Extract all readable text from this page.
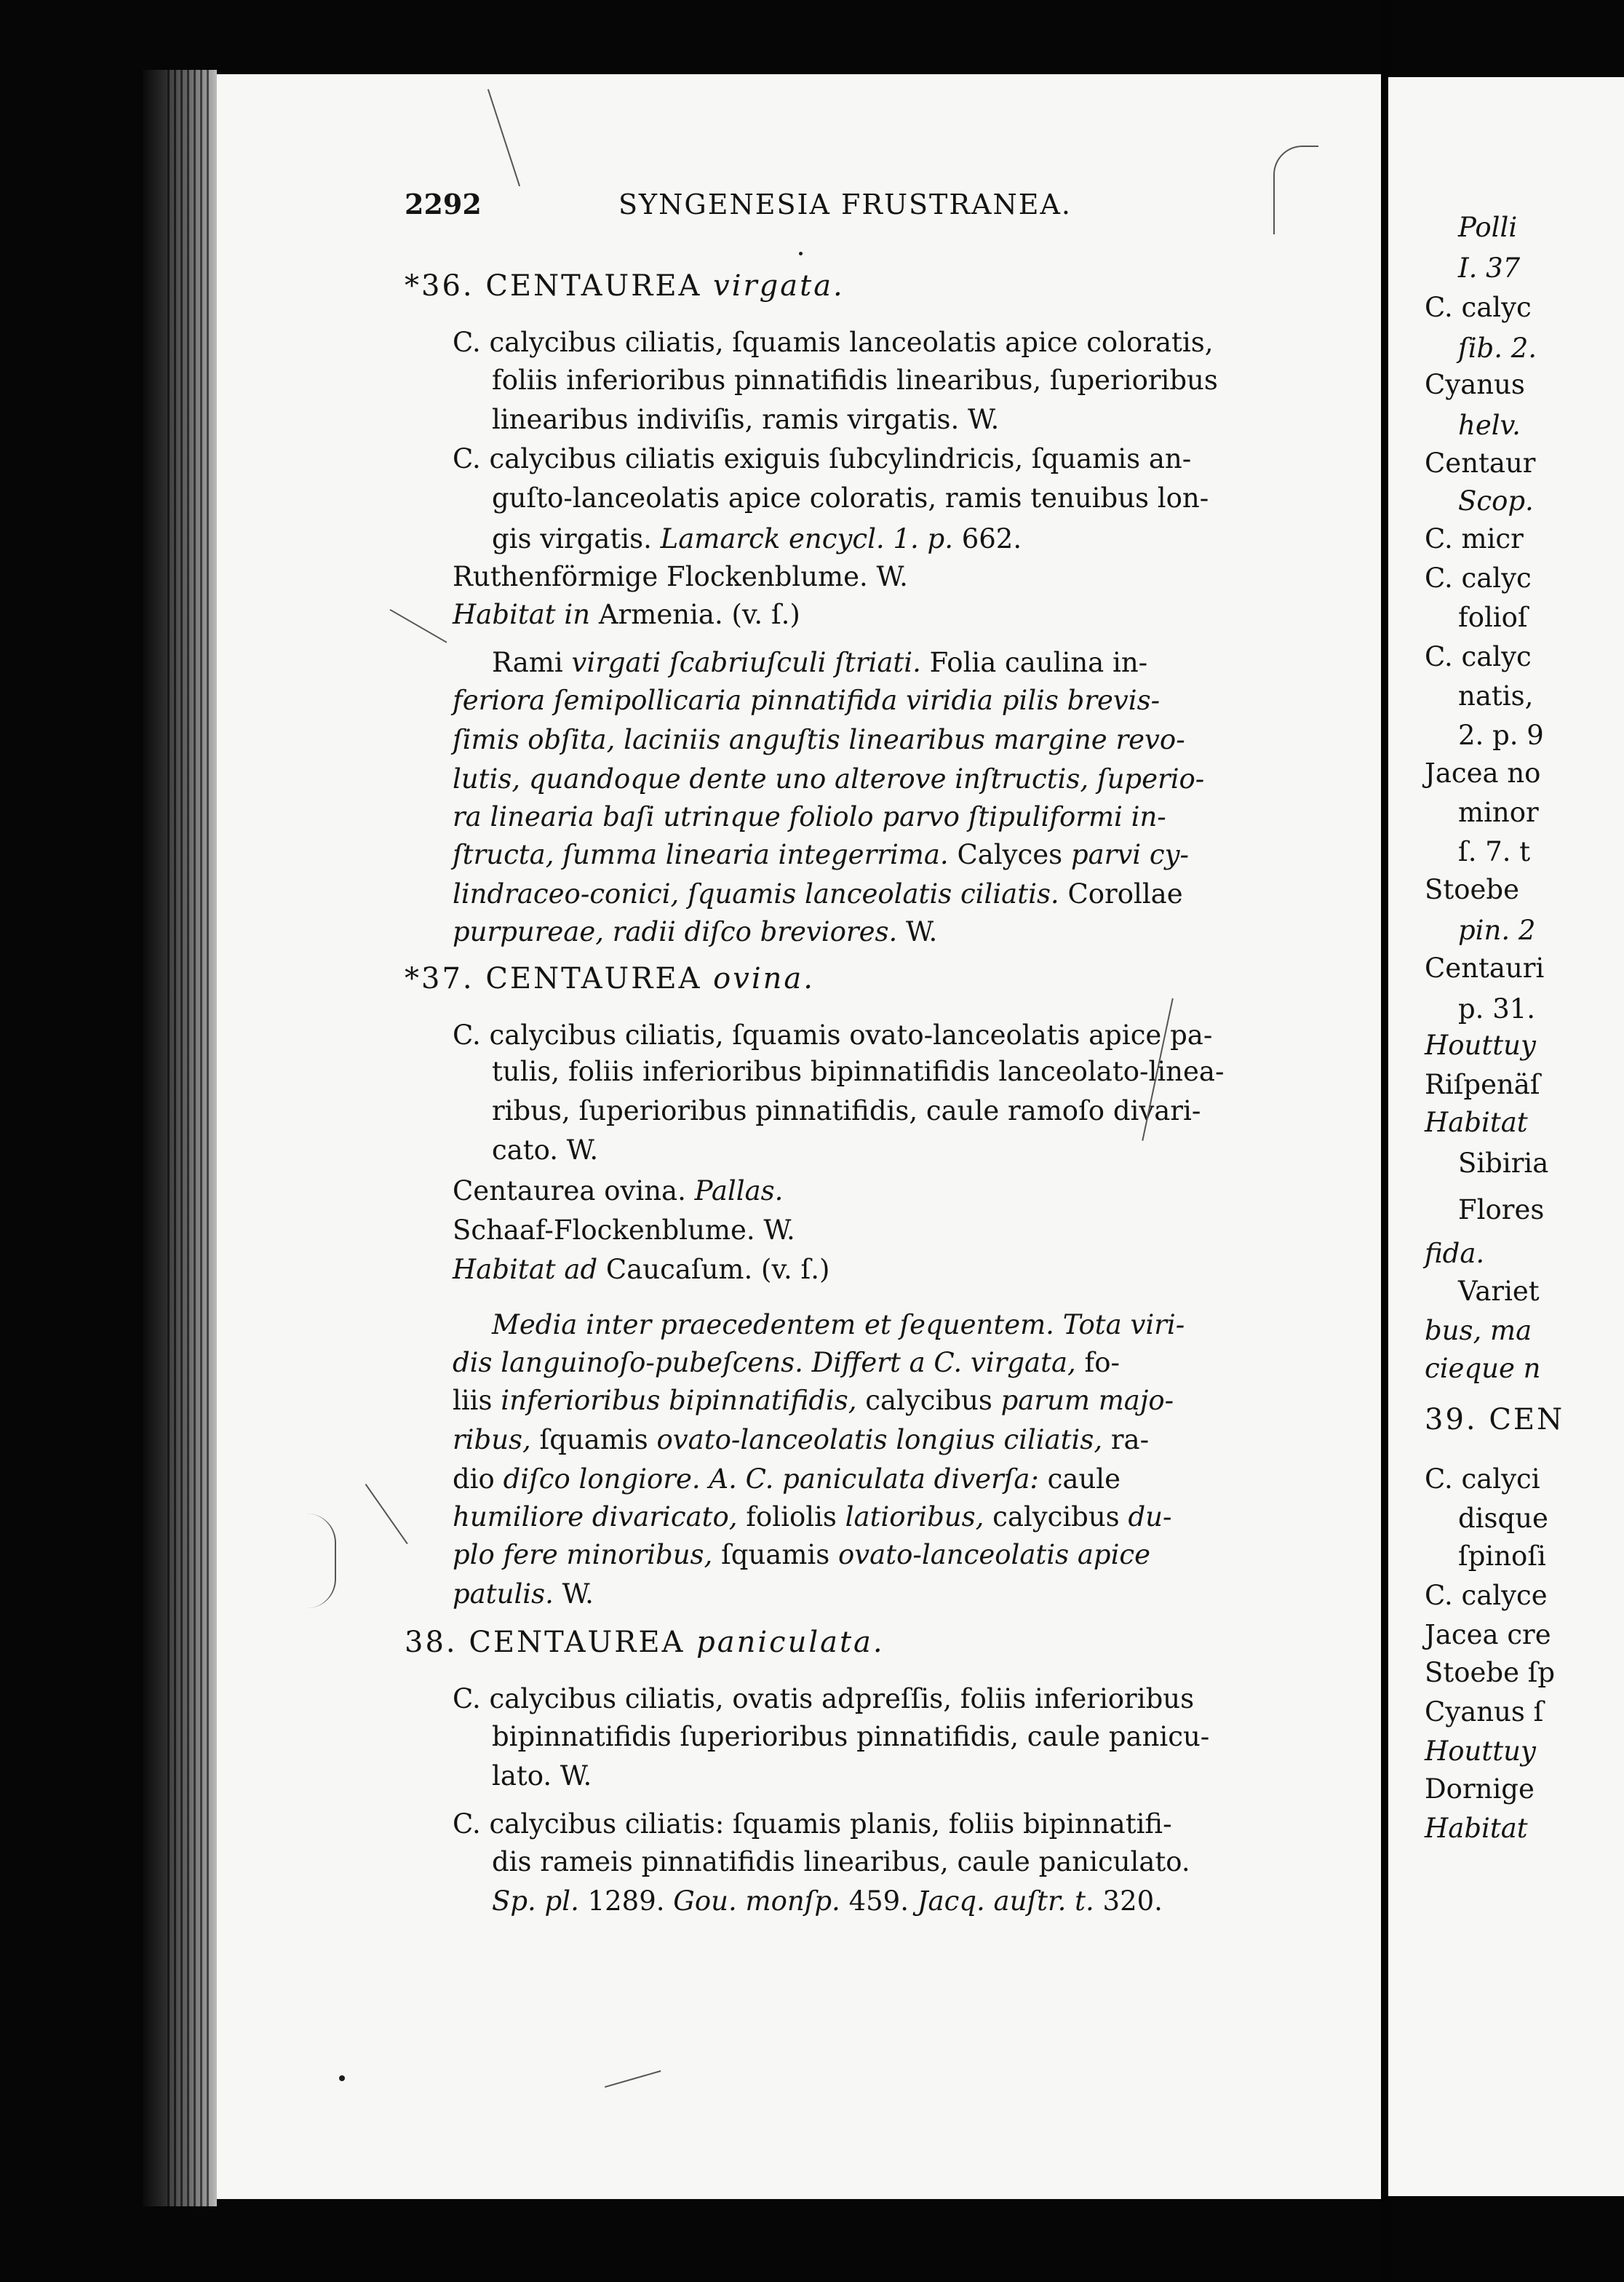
Polli
I. 37
C. calyc
ſib. 2.
Cyanus
helv.
Centaur
Scop.
C. micr
C. calyc
folioſ
C. calyc
natis,
2. p. 9
Jacea no
minor
ſ. 7. t
Stoebe
pin. 2
Centauri
p. 31.
Houttuy
Riſpenäſ
Habitat
Sibiria
Flores
fida.
Variet
bus, ma
cieque n
39. CEN
C. calyci
disque
ſpinoſi
C. calyce
Jacea cre
Stoebe ſp
Cyanus ſ
Houttuy
Dornige
Habitat
2292	SYNGENESIA FRUSTRANEA.
*36. CENTAUREA virgata.
C. calycibus ciliatis, ſquamis lanceolatis apice coloratis,
foliis inferioribus pinnatifidis linearibus, ſuperioribus
linearibus indiviſis, ramis virgatis. W.
C. calycibus ciliatis exiguis ſubcylindricis, ſquamis an-
guſto-lanceolatis apice coloratis, ramis tenuibus lon-
gis virgatis. Lamarck encycl. 1. p. 662.
Ruthenförmige Flockenblume. W.
Habitat in Armenia. (v. ſ.)
Rami virgati ſcabriuſculi ſtriati. Folia caulina in-
feriora ſemipollicaria pinnatifida viridia pilis brevis-
ſimis obſita, laciniis anguſtis linearibus margine revo-
lutis, quandoque dente uno alterove inſtructis, ſuperio-
ra linearia baſi utrinque foliolo parvo ſtipuliformi in-
ſtructa, ſumma linearia integerrima. Calyces parvi cy-
lindraceo-conici, ſquamis lanceolatis ciliatis. Corollae
purpureae, radii diſco breviores. W.
*37. CENTAUREA ovina.
C. calycibus ciliatis, ſquamis ovato-lanceolatis apice pa-
tulis, foliis inferioribus bipinnatifidis lanceolato-linea-
ribus, ſuperioribus pinnatifidis, caule ramoſo divari-
cato. W.
Centaurea ovina. Pallas.
Schaaf-Flockenblume. W.
Habitat ad Caucaſum. (v. ſ.)
Media inter praecedentem et ſequentem. Tota viri-
dis languinoſo-pubeſcens. Differt a C. virgata, fo-
liis inferioribus bipinnatifidis, calycibus parum majo-
ribus, ſquamis ovato-lanceolatis longius ciliatis, ra-
dio diſco longiore. A. C. paniculata diverſa: caule
humiliore divaricato, foliolis latioribus, calycibus du-
plo fere minoribus, ſquamis ovato-lanceolatis apice
patulis. W.
38. CENTAUREA paniculata.
C. calycibus ciliatis, ovatis adpreſſis, foliis inferioribus
bipinnatifidis ſuperioribus pinnatifidis, caule panicu-
lato. W.
C. calycibus ciliatis: ſquamis planis, foliis bipinnatifi-
dis rameis pinnatifidis linearibus, caule paniculato.
Sp. pl. 1289. Gou. monſp. 459. Jacq. auſtr. t. 320.
